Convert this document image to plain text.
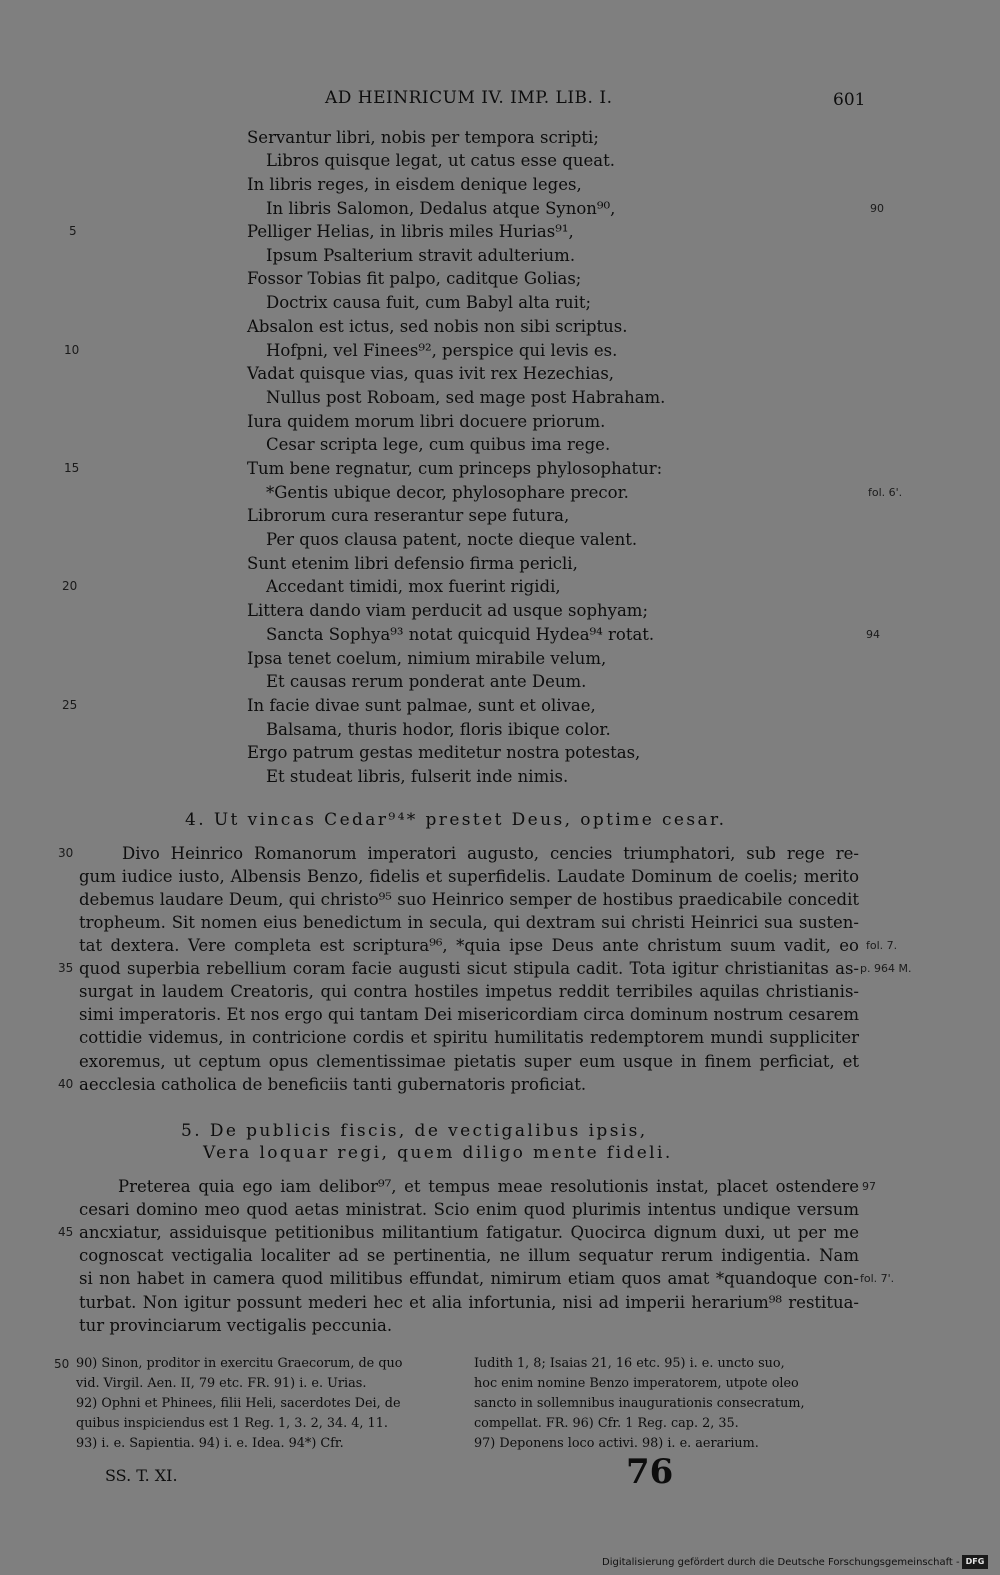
AD HEINRICUM IV. IMP. LIB. I.	601
Servantur libri, nobis per tempora scripti;
Libros quisque legat, ut catus esse queat.
In libris reges, in eisdem denique leges,
In libris Salomon, Dedalus atque Synon⁹⁰,
Pelliger Helias, in libris miles Hurias⁹¹,
Ipsum Psalterium stravit adulterium.
Fossor Tobias fit palpo, caditque Golias;
Doctrix causa fuit, cum Babyl alta ruit;
Absalon est ictus, sed nobis non sibi scriptus.
Hofpni, vel Finees⁹², perspice qui levis es.
Vadat quisque vias, quas ivit rex Hezechias,
Nullus post Roboam, sed mage post Habraham.
Iura quidem morum libri docuere priorum.
Cesar scripta lege, cum quibus ima rege.
Tum bene regnatur, cum princeps phylosophatur:
*Gentis ubique decor, phylosophare precor.
Librorum cura reserantur sepe futura,
Per quos clausa patent, nocte dieque valent.
Sunt etenim libri defensio firma pericli,
Accedant timidi, mox fuerint rigidi,
Littera dando viam perducit ad usque sophyam;
Sancta Sophya⁹³ notat quicquid Hydea⁹⁴ rotat.
Ipsa tenet coelum, nimium mirabile velum,
Et causas rerum ponderat ante Deum.
In facie divae sunt palmae, sunt et olivae,
Balsama, thuris hodor, floris ibique color.
Ergo patrum gestas meditetur nostra potestas,
Et studeat libris, fulserit inde nimis.
5
10
15
20
25
90
fol. 6'.
94
4. Ut vincas Cedar⁹⁴* prestet Deus, optime cesar.
Divo Heinrico Romanorum imperatori augusto, cencies triumphatori, sub rege re-
gum iudice iusto, Albensis Benzo, fidelis et superfidelis. Laudate Dominum de coelis; merito
debemus laudare Deum, qui christo⁹⁵ suo Heinrico semper de hostibus praedicabile concedit
tropheum. Sit nomen eius benedictum in secula, qui dextram sui christi Heinrici sua susten-
tat dextera. Vere completa est scriptura⁹⁶, *quia ipse Deus ante christum suum vadit, eo
quod superbia rebellium coram facie augusti sicut stipula cadit. Tota igitur christianitas as-
surgat in laudem Creatoris, qui contra hostiles impetus reddit terribiles aquilas christianis-
simi imperatoris. Et nos ergo qui tantam Dei misericordiam circa dominum nostrum cesarem
cottidie videmus, in contricione cordis et spiritu humilitatis redemptorem mundi suppliciter
exoremus, ut ceptum opus clementissimae pietatis super eum usque in finem perficiat, et
aecclesia catholica de beneficiis tanti gubernatoris proficiat.
30
35
40
fol. 7.
p. 964 M.
5. De publicis fiscis, de vectigalibus ipsis,
Vera loquar regi, quem diligo mente fideli.
Preterea quia ego iam delibor⁹⁷, et tempus meae resolutionis instat, placet ostendere
cesari domino meo quod aetas ministrat. Scio enim quod plurimis intentus undique versum
ancxiatur, assiduisque petitionibus militantium fatigatur. Quocirca dignum duxi, ut per me
cognoscat vectigalia localiter ad se pertinentia, ne illum sequatur rerum indigentia. Nam
si non habet in camera quod militibus effundat, nimirum etiam quos amat *quandoque con-
turbat. Non igitur possunt mederi hec et alia infortunia, nisi ad imperii herarium⁹⁸ restitua-
tur provinciarum vectigalis peccunia.
45
97
fol. 7'.
50 90) Sinon, proditor in exercitu Graecorum, de quo
vid. Virgil. Aen. II, 79 etc. FR. 91) i. e. Urias.
92) Ophni et Phinees, filii Heli, sacerdotes Dei, de
quibus inspiciendus est 1 Reg. 1, 3. 2, 34. 4, 11.
93) i. e. Sapientia. 94) i. e. Idea. 94*) Cfr.
Iudith 1, 8; Isaias 21, 16 etc. 95) i. e. uncto suo,
hoc enim nomine Benzo imperatorem, utpote oleo
sancto in sollemnibus inaugurationis consecratum,
compellat. FR. 96) Cfr. 1 Reg. cap. 2, 35.
97) Deponens loco activi. 98) i. e. aerarium.
SS. T. XI.	76
Digitalisierung gefördert durch die Deutsche Forschungsgemeinschaft - DFG
